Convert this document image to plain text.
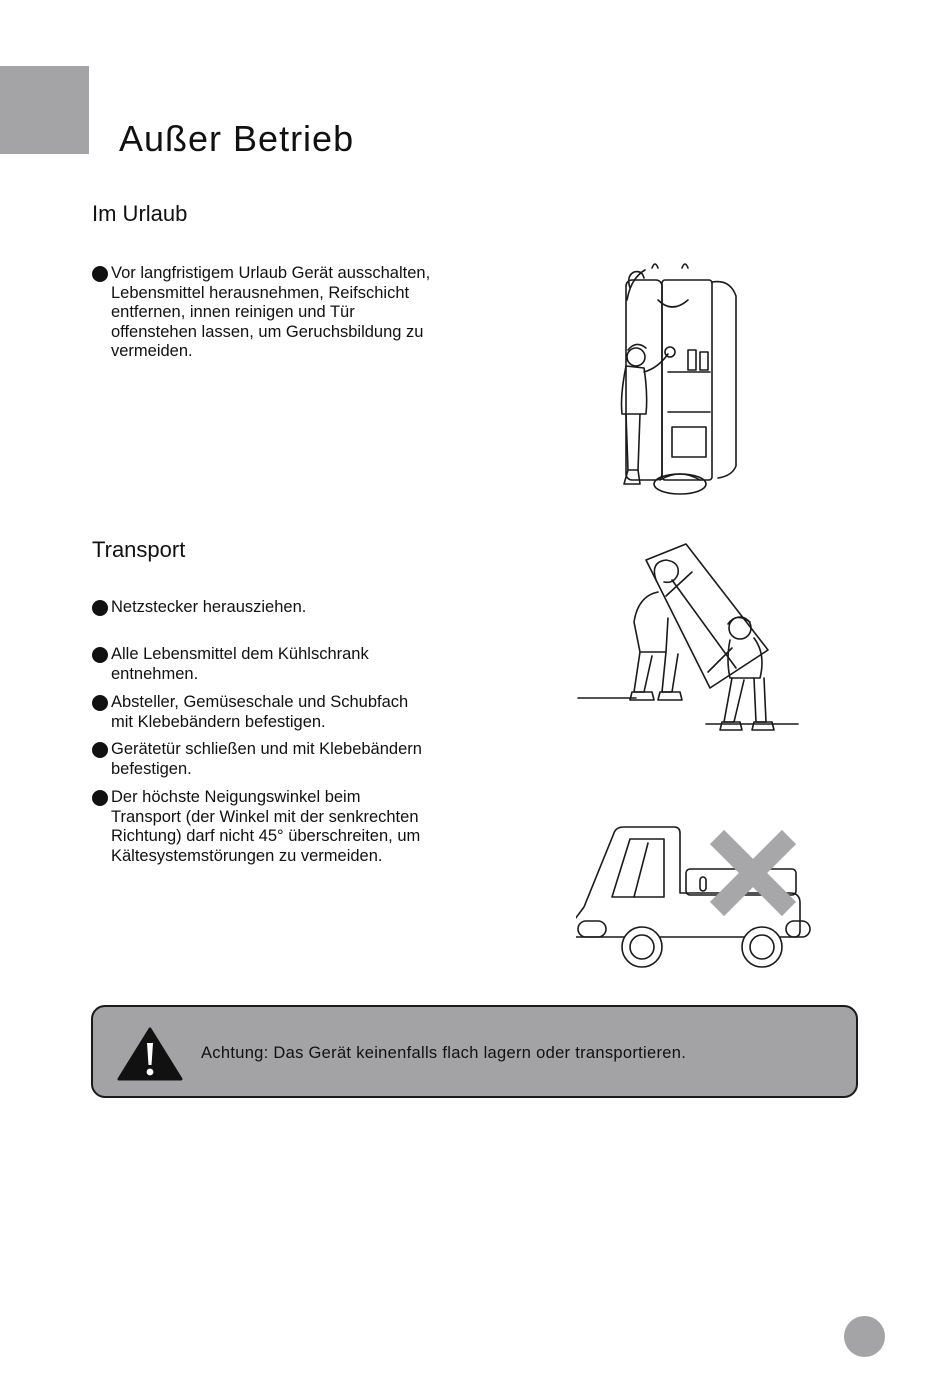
Außer Betrieb
Im Urlaub
Vor langfristigem Urlaub Gerät ausschalten,
Lebensmittel herausnehmen, Reifschicht
entfernen, innen reinigen und Tür
offenstehen lassen, um Geruchsbildung zu
vermeiden.
Transport
Netzstecker herausziehen.
Alle Lebensmittel dem Kühlschrank
entnehmen.
Absteller, Gemüseschale und Schubfach
mit Klebebändern befestigen.
Gerätetür schließen und mit Klebebändern
befestigen.
Der höchste Neigungswinkel beim
Transport (der Winkel mit der senkrechten
Richtung) darf nicht 45° überschreiten, um
Kältesystemstörungen zu vermeiden.
Achtung: Das Gerät keinenfalls flach lagern oder transportieren.
